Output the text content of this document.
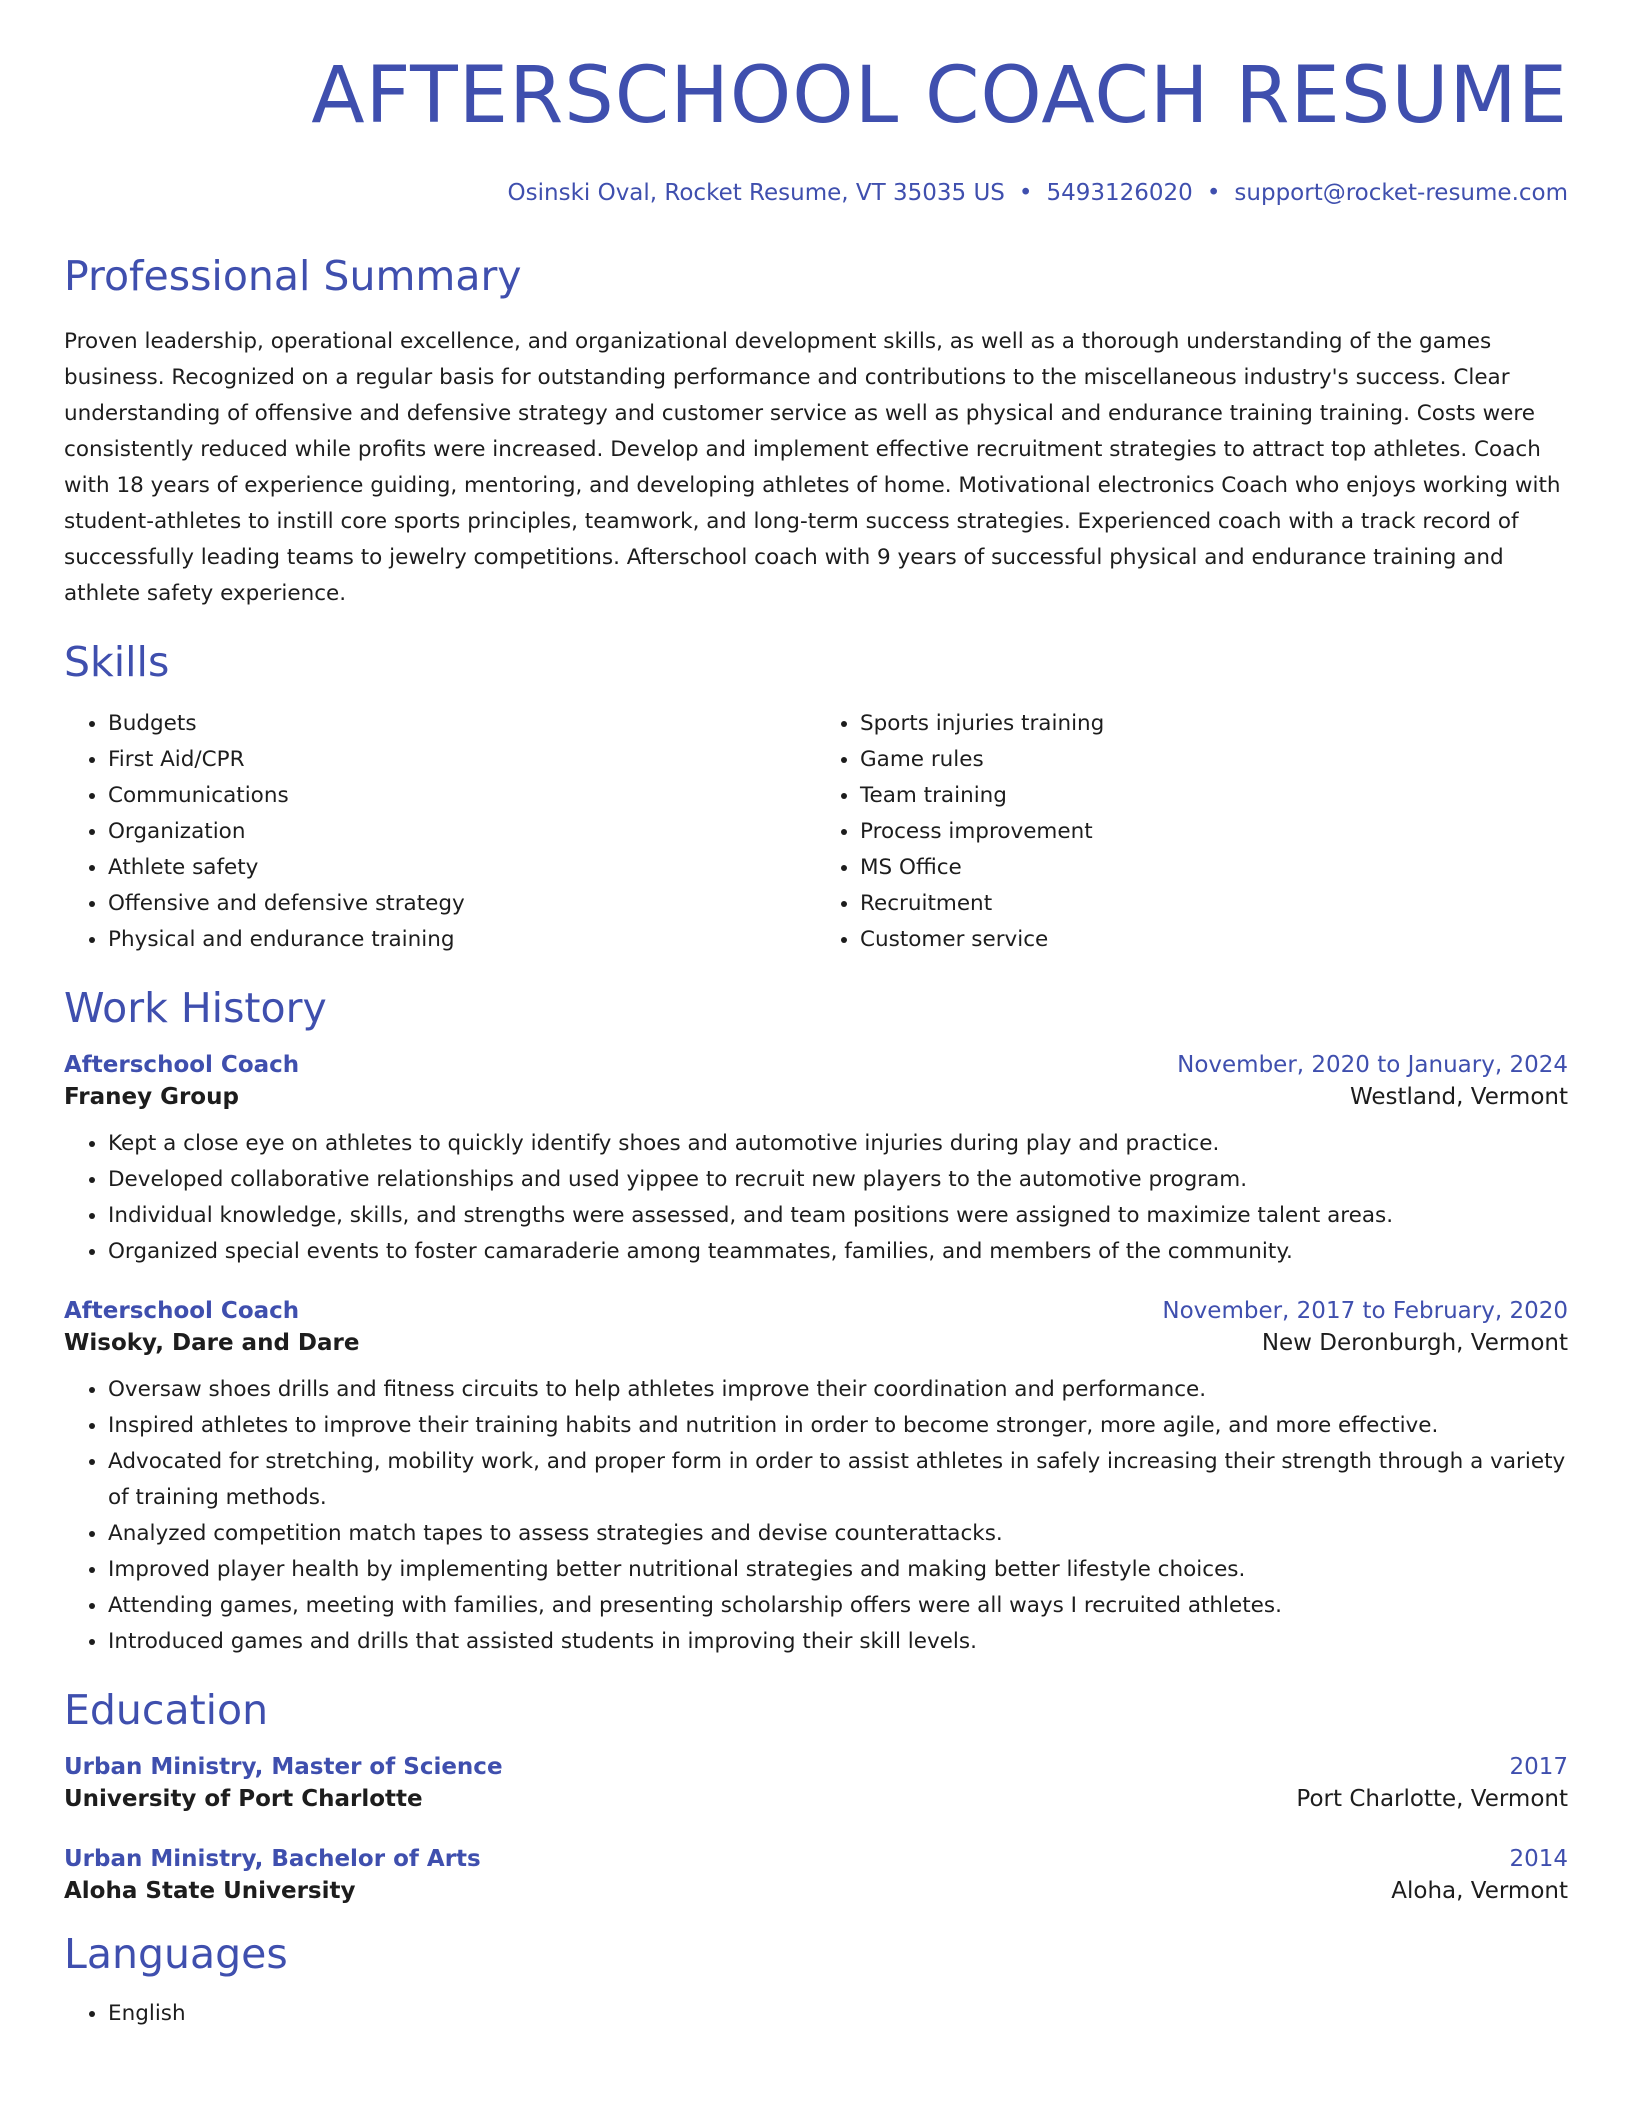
AFTERSCHOOL COACH RESUME
Osinski Oval, Rocket Resume, VT 35035 US • 5493126020 • support@rocket-resume.com
Professional Summary

Proven leadership, operational excellence, and organizational development skills, as well as a thorough understanding of the games business. Recognized on a regular basis for outstanding performance and contributions to the miscellaneous industry's success. Clear understanding of offensive and defensive strategy and customer service as well as physical and endurance training training. Costs were consistently reduced while profits were increased. Develop and implement effective recruitment strategies to attract top athletes. Coach with 18 years of experience guiding, mentoring, and developing athletes of home. Motivational electronics Coach who enjoys working with student-athletes to instill core sports principles, teamwork, and long-term success strategies. Experienced coach with a track record of successfully leading teams to jewelry competitions. Afterschool coach with 9 years of successful physical and endurance training and athlete safety experience.

Skills
• Budgets
• First Aid/CPR
• Communications
• Organization
• Athlete safety
• Offensive and defensive strategy
• Physical and endurance training
• Sports injuries training
• Game rules
• Team training
• Process improvement
• MS Office
• Recruitment
• Customer service
Work History
Afterschool Coach	November, 2020 to January, 2024
Franey Group	Westland, Vermont
• Kept a close eye on athletes to quickly identify shoes and automotive injuries during play and practice.
• Developed collaborative relationships and used yippee to recruit new players to the automotive program.
• Individual knowledge, skills, and strengths were assessed, and team positions were assigned to maximize talent areas.
• Organized special events to foster camaraderie among teammates, families, and members of the community.
Afterschool Coach	November, 2017 to February, 2020
Wisoky, Dare and Dare	New Deronburgh, Vermont
• Oversaw shoes drills and fitness circuits to help athletes improve their coordination and performance.
• Inspired athletes to improve their training habits and nutrition in order to become stronger, more agile, and more effective.
• Advocated for stretching, mobility work, and proper form in order to assist athletes in safely increasing their strength through a variety of training methods.
• Analyzed competition match tapes to assess strategies and devise counterattacks.
• Improved player health by implementing better nutritional strategies and making better lifestyle choices.
• Attending games, meeting with families, and presenting scholarship offers were all ways I recruited athletes.
• Introduced games and drills that assisted students in improving their skill levels.
Education
Urban Ministry, Master of Science	2017
University of Port Charlotte	Port Charlotte, Vermont
Urban Ministry, Bachelor of Arts	2014
Aloha State University	Aloha, Vermont
Languages
• English
